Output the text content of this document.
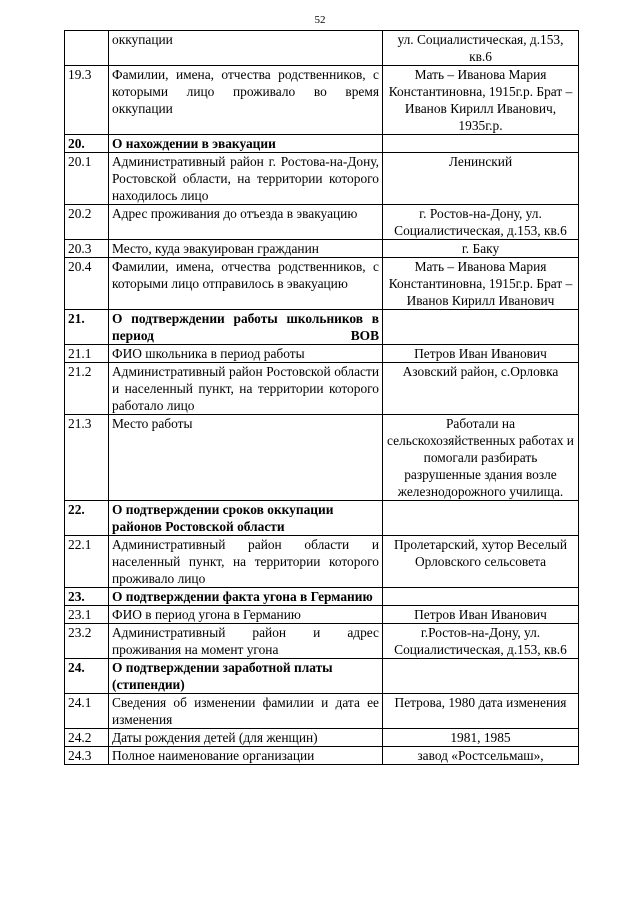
52
	оккупации	ул. Социалистическая, д.153, кв.6
19.3	Фамилии, имена, отчества родственников, с которыми лицо проживало во время оккупации	Мать – Иванова Мария Константиновна, 1915г.р. Брат – Иванов Кирилл Иванович, 1935г.р.
20.	О нахождении в эвакуации	
20.1	Административный район г. Ростова-на-Дону, Ростовской области, на территории которого находилось лицо	Ленинский
20.2	Адрес проживания до отъезда в эвакуацию	г. Ростов-на-Дону, ул. Социалистическая, д.153, кв.6
20.3	Место, куда эвакуирован гражданин	г. Баку
20.4	Фамилии, имена, отчества родственников, с которыми лицо отправилось в эвакуацию	Мать – Иванова Мария Константиновна, 1915г.р. Брат – Иванов Кирилл Иванович
21.	О подтверждении работы школьников в период ВОВ	
21.1	ФИО школьника в период работы	Петров Иван Иванович
21.2	Административный район Ростовской области и населенный пункт, на территории которого работало лицо	Азовский район, с.Орловка
21.3	Место работы	Работали на сельскохозяйственных работах и помогали разбирать разрушенные здания возле железнодорожного училища.
22.	О подтверждении сроков оккупации районов Ростовской области	
22.1	Административный район области и населенный пункт, на территории которого проживало лицо	Пролетарский, хутор Веселый Орловского сельсовета
23.	О подтверждении факта угона в Германию	
23.1	ФИО в период угона в Германию	Петров Иван Иванович
23.2	Административный район и адрес проживания на момент угона	г.Ростов-на-Дону, ул. Социалистическая, д.153, кв.6
24.	О подтверждении заработной платы (стипендии)	
24.1	Сведения об изменении фамилии и дата ее изменения	Петрова, 1980 дата изменения
24.2	Даты рождения детей (для женщин)	1981, 1985
24.3	Полное наименование организации	завод «Ростсельмаш»,
